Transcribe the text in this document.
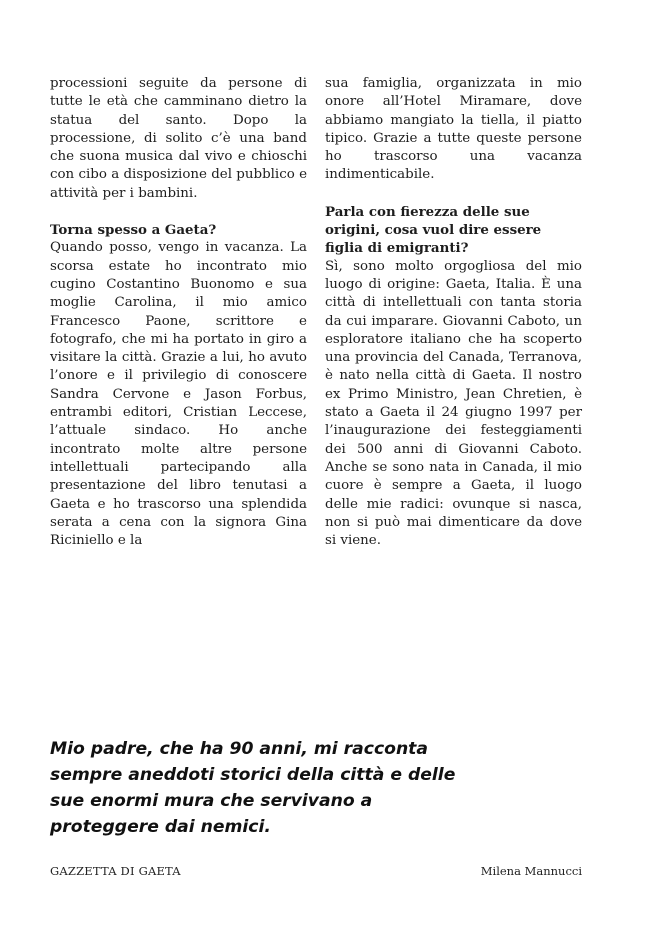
processioni seguite da persone di tutte le età che camminano dietro la statua del santo. Dopo la processione, di solito c’è una band che suona musica dal vivo e chioschi con cibo a disposizione del pubblico e attività per i bambini.

Torna spesso a Gaeta?

Quando posso, vengo in vacanza. La scorsa estate ho incontrato mio cugino Costantino Buonomo e sua moglie Carolina, il mio amico Francesco Paone, scrittore e fotografo, che mi ha portato in giro a visitare la città. Grazie a lui, ho avuto l’onore e il privilegio di conoscere Sandra Cervone e Jason Forbus, entrambi editori, Cristian Leccese, l’attuale sindaco. Ho anche incontrato molte altre persone intellettuali partecipando alla presentazione del libro tenutasi a Gaeta e ho trascorso una splendida serata a cena con la signora Gina Riciniello e la

sua famiglia, organizzata in mio onore all’Hotel Miramare, dove abbiamo mangiato la tiella, il piatto tipico. Grazie a tutte queste persone ho trascorso una vacanza indimenticabile.

Parla con fierezza delle sue origini, cosa vuol dire essere figlia di emigranti?

Sì, sono molto orgogliosa del mio luogo di origine: Gaeta, Italia. È una città di intellettuali con tanta storia da cui imparare. Giovanni Caboto, un esploratore italiano che ha scoperto una provincia del Canada, Terranova, è nato nella città di Gaeta. Il nostro ex Primo Ministro, Jean Chretien, è stato a Gaeta il 24 giugno 1997 per l’inaugurazione dei festeggiamenti dei 500 anni di Giovanni Caboto. Anche se sono nata in Canada, il mio cuore è sempre a Gaeta, il luogo delle mie radici: ovunque si nasca, non si può mai dimenticare da dove si viene.

Mio padre, che ha 90 anni, mi racconta sempre aneddoti storici della città e delle sue enormi mura che servivano a proteggere dai nemici.

GAZZETTA DI GAETA	Milena Mannucci
